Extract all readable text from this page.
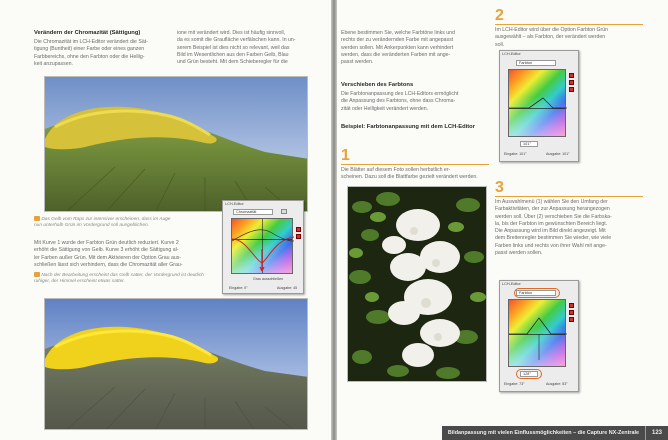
Verändern der Chromazität (Sättigung)

Die Chromazität im LCH-Editor verändert die Sät-

tigung (Buntheit) einer Farbe oder eines ganzen

Farbbereichs, ohne den Farbton oder die Hellig-

keit anzupassen.

ione mit verändert wird. Dies ist häufig sinnvoll,

da es somit die Graufläche verfälschen kann. In un-

serem Beispiel ist dies nicht so relevant, weil das

Bild im Wesentlichen aus den Farben Gelb, Blau

und Grün besteht. Mit dem Schieberegler für die

Das Gelb vom Raps zur intensiver erscheinen, dass im Auge

nun unterhalb Grün im Vordergrund soll ausgeblichen.

LCH-Editor
Chromazität
Grau ausschließen
Eingabe: 0°	Ausgabe: 45

Mit Kurve 1 wurde der Farbton Grün deutlich reduziert. Kurve 2

erhöht die Sättigung von Gelb. Kurve 3 erhöht die Sättigung al-

ler Farben außer Grün. Mit dem Aktivieren der Option Grau aus-

schließen lässt sich verhindern, dass die Chromazität aller Grau-

Nach der Bearbeitung erscheint das Gelb satter, der Vordergrund ist deutlich

ruhiger, der Himmel erscheint etwas satter.

Ebene bestimmen Sie, welche Farbtöne links und

rechts der zu verändernden Farbe mit angepasst

werden sollen. Mit Ankerpunkten kann verhindert

werden, dass die veränderten Farben mit ange-

passt werden.

Verschieben des Farbtons

Die Farbtonanpassung des LCH-Editors ermöglicht

die Anpassung des Farbtons, ohne dass Chroma-

zität oder Helligkeit verändert werden.

Beispiel: Farbtonanpassung mit dem LCH-Editor
1

Die Blätter auf diesem Foto sollen herbstlich er-

scheinen. Dazu soll die Blattfarbe gezielt verändert werden.

2

Im LCH-Editor wird über die Option Farbton Grün

ausgewählt – als Farbton, der verändert werden

soll.

LCH-Editor
Farbton
101°
Eingabe: 101°	Ausgabe: 101°
3

Im Auswahlmenü (1) wählen Sie den Umfang der

Farbaktivitäten, der zur Anpassung herangezogen

werden soll. Über (2) verschieben Sie die Farbska-

la, bis der Farbton im gewünschten Bereich liegt.

Die Anpassung wird im Bild direkt angezeigt. Mit

dem Breitenregler bestimmen Sie wieder, wie viele

Farben links und rechts von ihrer Wahl mit ange-

passt werden sollen.

LCH-Editor
Farbton
128°
Eingabe: 73°	Ausgabe: 53°
Bildanpassung mit vielen Einflussmöglichkeiten – die Capture NX-Zentrale 123
